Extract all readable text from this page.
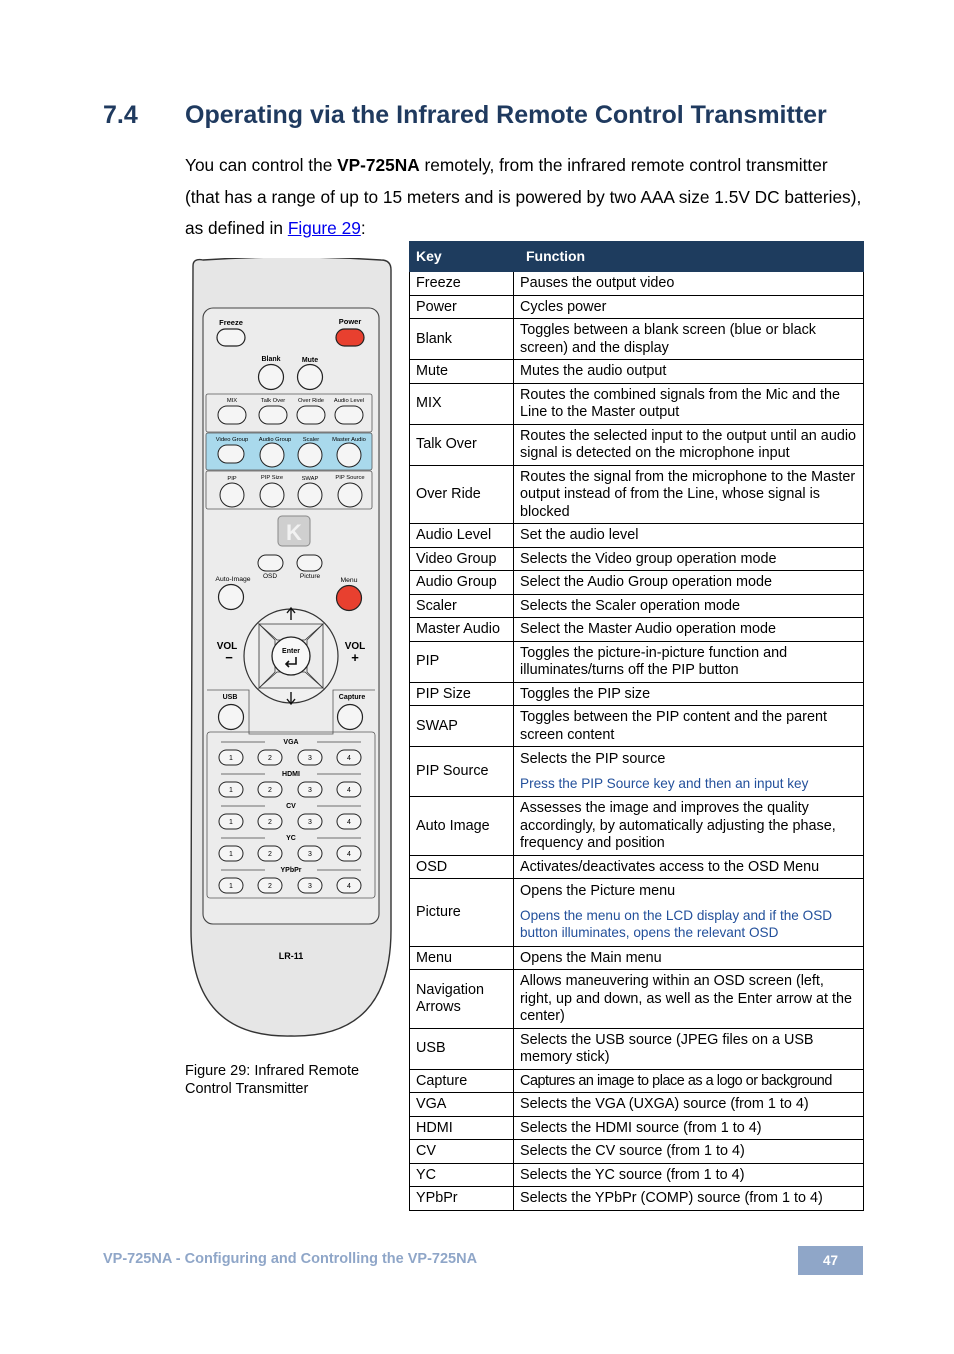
7.4 Operating via the Infrared Remote Control Transmitter

You can control the VP-725NA remotely, from the infrared remote control transmitter (that has a range of up to 15 meters and is powered by two AAA size 1.5V DC batteries), as defined in Figure 29:

Freeze	Power
Blank	Mute
MIX	Talk Over Over Ride Audio Level
Video Group Audio Group Scaler Master Audio
PIP	PIP Size	SWAP	PIP Source
K
OSD	Picture
Auto-Image	Menu
Enter
VOL
−
VOL
+
USB	Capture
VGA
1	2	3	4
HDMI
1	2	3	4
CV
1	2	3	4
YC
1	2	3	4
YPbPr
1	2	3	4
LR-11
Figure 29: Infrared Remote Control Transmitter
Key	Function
Freeze	Pauses the output video
Power	Cycles power
Blank	Toggles between a blank screen (blue or black screen) and the display
Mute	Mutes the audio output
MIX	Routes the combined signals from the Mic and the Line to the Master output
Talk Over	Routes the selected input to the output until an audio signal is detected on the microphone input
Over Ride	Routes the signal from the microphone to the Master output instead of from the Line, whose signal is blocked
Audio Level	Set the audio level
Video Group	Selects the Video group operation mode
Audio Group	Select the Audio Group operation mode
Scaler	Selects the Scaler operation mode
Master Audio	Select the Master Audio operation mode
PIP	Toggles the picture-in-picture function and illuminates/turns off the PIP button
PIP Size	Toggles the PIP size
SWAP	Toggles between the PIP content and the parent screen content
PIP Source	Selects the PIP source
Press the PIP Source key and then an input key

Auto Image	Assesses the image and improves the quality accordingly, by automatically adjusting the phase, frequency and position
OSD	Activates/deactivates access to the OSD Menu
Picture	Opens the Picture menu
Opens the menu on the LCD display and if the OSD button illuminates, opens the relevant OSD

Menu	Opens the Main menu
Navigation Arrows	Allows maneuvering within an OSD screen (left, right, up and down, as well as the Enter arrow at the center)
USB	Selects the USB source (JPEG files on a USB memory stick)
Capture	Captures an image to place as a logo or background
VGA	Selects the VGA (UXGA) source (from 1 to 4)
HDMI	Selects the HDMI source (from 1 to 4)
CV	Selects the CV source (from 1 to 4)
YC	Selects the YC source (from 1 to 4)
YPbPr	Selects the YPbPr (COMP) source (from 1 to 4)
VP-725NA - Configuring and Controlling the VP-725NA	47
